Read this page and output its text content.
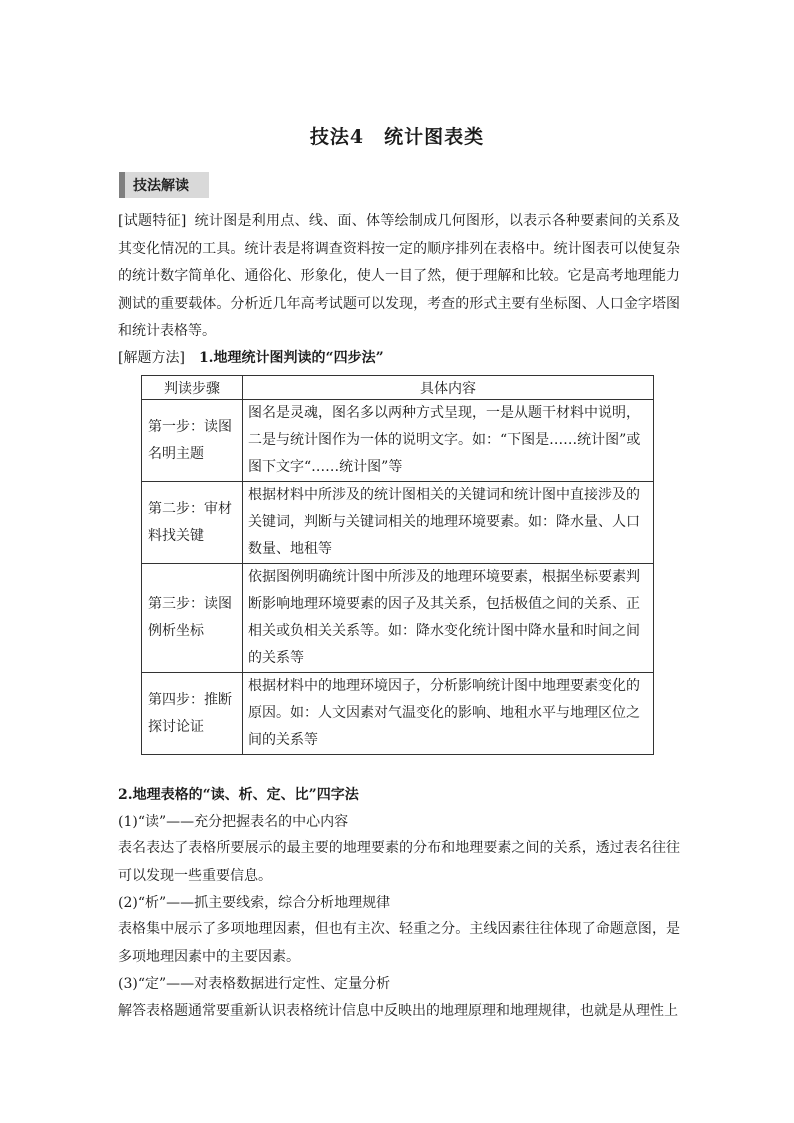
技法4　统计图表类
技法解读
[试题特征] 统计图是利用点、线、面、体等绘制成几何图形，以表示各种要素间的关系及其变化情况的工具。统计表是将调查资料按一定的顺序排列在表格中。统计图表可以使复杂的统计数字简单化、通俗化、形象化，使人一目了然，便于理解和比较。它是高考地理能力测试的重要载体。分析近几年高考试题可以发现，考查的形式主要有坐标图、人口金字塔图和统计表格等。
[解题方法]  1.地理统计图判读的“四步法”
判读步骤	具体内容
第一步：读图名明主题	图名是灵魂，图名多以两种方式呈现，一是从题干材料中说明，二是与统计图作为一体的说明文字。如：“下图是……统计图”或图下文字“……统计图”等
第二步：审材料找关键	根据材料中所涉及的统计图相关的关键词和统计图中直接涉及的关键词，判断与关键词相关的地理环境要素。如：降水量、人口数量、地租等
第三步：读图例析坐标	依据图例明确统计图中所涉及的地理环境要素，根据坐标要素判断影响地理环境要素的因子及其关系，包括极值之间的关系、正相关或负相关关系等。如：降水变化统计图中降水量和时间之间的关系等
第四步：推断探讨论证	根据材料中的地理环境因子，分析影响统计图中地理要素变化的原因。如：人文因素对气温变化的影响、地租水平与地理区位之间的关系等
2.地理表格的“读、析、定、比”四字法
(1)“读”——充分把握表名的中心内容
表名表达了表格所要展示的最主要的地理要素的分布和地理要素之间的关系，透过表名往往可以发现一些重要信息。
(2)“析”——抓主要线索，综合分析地理规律
表格集中展示了多项地理因素，但也有主次、轻重之分。主线因素往往体现了命题意图，是多项地理因素中的主要因素。
(3)“定”——对表格数据进行定性、定量分析
解答表格题通常要重新认识表格统计信息中反映出的地理原理和地理规律，也就是从理性上
